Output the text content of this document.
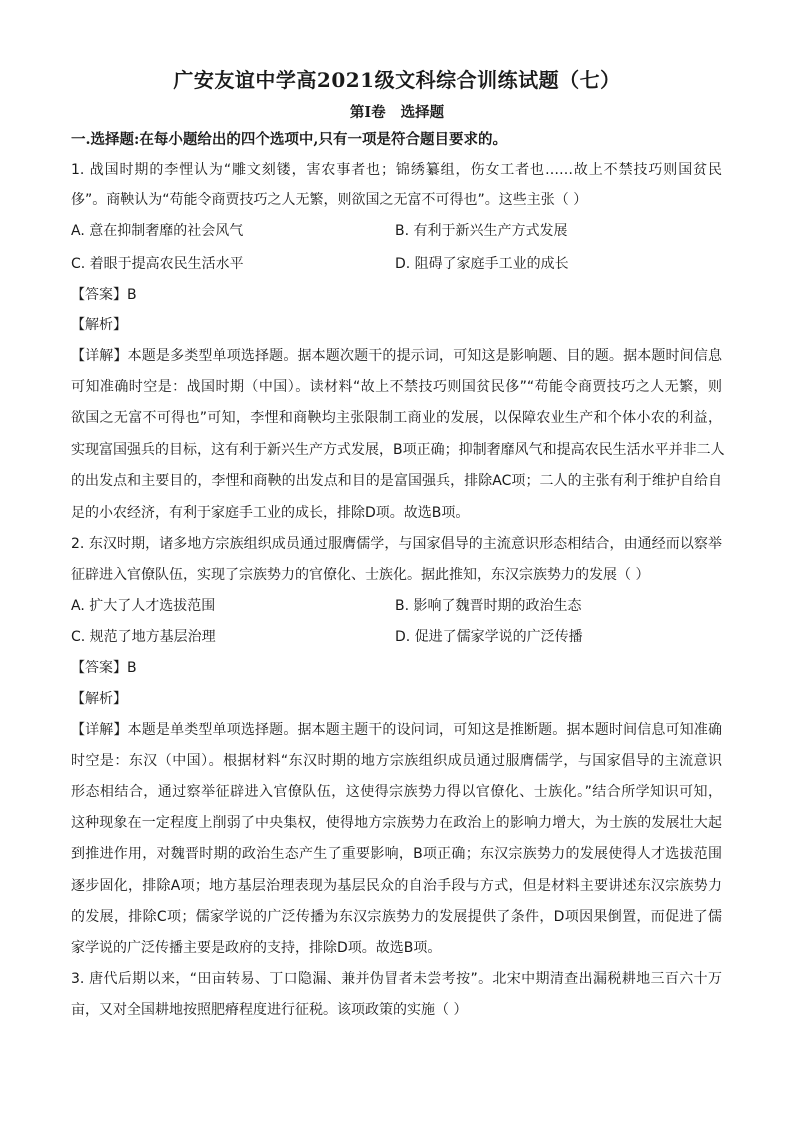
广安友谊中学高2021级文科综合训练试题（七）
第Ⅰ卷 选择题
一.选择题:在每小题给出的四个选项中,只有一项是符合题目要求的。
1. 战国时期的李悝认为“雕文刻镂，害农事者也；锦绣纂组，伤女工者也……故上不禁技巧则国贫民
侈”。商鞅认为“苟能令商贾技巧之人无繁，则欲国之无富不可得也”。这些主张（ ）
A. 意在抑制奢靡的社会风气	B. 有利于新兴生产方式发展
C. 着眼于提高农民生活水平	D. 阻碍了家庭手工业的成长
【答案】B
【解析】
【详解】本题是多类型单项选择题。据本题次题干的提示词，可知这是影响题、目的题。据本题时间信息
可知准确时空是：战国时期（中国）。读材料“故上不禁技巧则国贫民侈”“苟能令商贾技巧之人无繁，则
欲国之无富不可得也”可知，李悝和商鞅均主张限制工商业的发展，以保障农业生产和个体小农的利益，
实现富国强兵的目标，这有利于新兴生产方式发展，B项正确；抑制奢靡风气和提高农民生活水平并非二人
的出发点和主要目的，李悝和商鞅的出发点和目的是富国强兵，排除AC项；二人的主张有利于维护自给自
足的小农经济，有利于家庭手工业的成长，排除D项。故选B项。
2. 东汉时期，诸多地方宗族组织成员通过服膺儒学，与国家倡导的主流意识形态相结合，由通经而以察举
征辟进入官僚队伍，实现了宗族势力的官僚化、士族化。据此推知，东汉宗族势力的发展（ ）
A. 扩大了人才选拔范围	B. 影响了魏晋时期的政治生态
C. 规范了地方基层治理	D. 促进了儒家学说的广泛传播
【答案】B
【解析】
【详解】本题是单类型单项选择题。据本题主题干的设问词，可知这是推断题。据本题时间信息可知准确
时空是：东汉（中国）。根据材料“东汉时期的地方宗族组织成员通过服膺儒学，与国家倡导的主流意识
形态相结合，通过察举征辟进入官僚队伍，这使得宗族势力得以官僚化、士族化。”结合所学知识可知，
这种现象在一定程度上削弱了中央集权，使得地方宗族势力在政治上的影响力增大，为士族的发展壮大起
到推进作用，对魏晋时期的政治生态产生了重要影响，B项正确；东汉宗族势力的发展使得人才选拔范围
逐步固化，排除A项；地方基层治理表现为基层民众的自治手段与方式，但是材料主要讲述东汉宗族势力
的发展，排除C项；儒家学说的广泛传播为东汉宗族势力的发展提供了条件，D项因果倒置，而促进了儒
家学说的广泛传播主要是政府的支持，排除D项。故选B项。
3. 唐代后期以来，“田亩转易、丁口隐漏、兼并伪冒者未尝考按”。北宋中期清查出漏税耕地三百六十万
亩，又对全国耕地按照肥瘠程度进行征税。该项政策的实施（ ）
